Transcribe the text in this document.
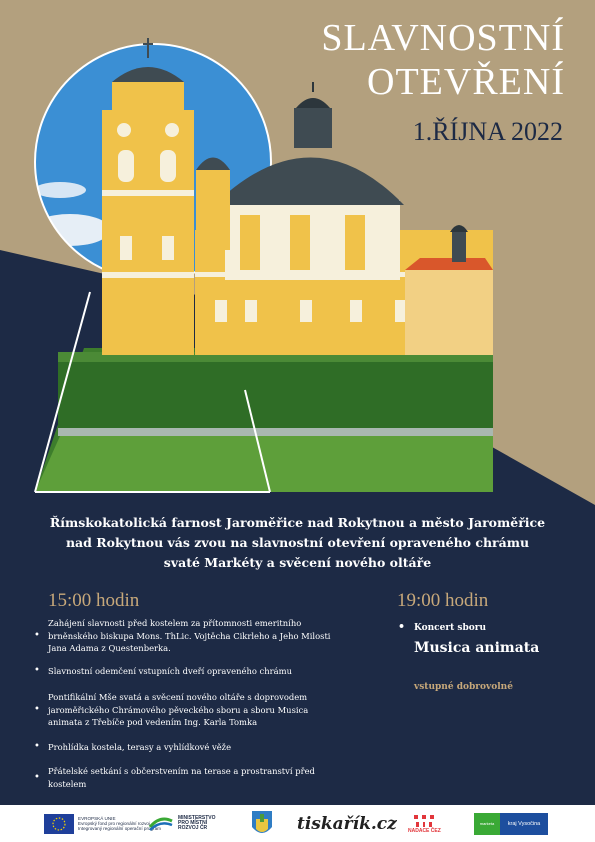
SLAVNOSTNÍ
OTEVŘENÍ
1.ŘÍJNA 2022
Římskokatolická farnost Jaroměřice nad Rokytnou a město Jaroměřice
nad Rokytnou vás zvou na slavnostní otevření opraveného chrámu
svaté Markéty a svěcení nového oltáře
15:00 hodin
• Zahájení slavnosti před kostelem za přítomnosti emeritního
brněnského biskupa Mons. ThLic. Vojtěcha Cikrleho a Jeho Milosti
Jana Adama z Questenberka.
• Slavnostní odemčení vstupních dveří opraveného chrámu
• Pontifikální Mše svatá a svěcení nového oltáře s doprovodem
jaroměřického Chrámového pěveckého sboru a sboru Musica
animata z Třebíče pod vedením Ing. Karla Tomka
• Prohlídka kostela, terasy a vyhlídkové věže
• Přátelské setkání s občerstvením na terase a prostranství před
kostelem
19:00 hodin
• Koncert sboru
Musica animata
vstupné dobrovolné
EVROPSKÁ UNIE
Evropský fond pro regionální rozvoj
Integrovaný regionální operační program
MINISTERSTVO
PRO MÍSTNÍ
ROZVOJ ČR	tiskařík.cz NADACE ČEZ
marketa kraj Vysočina
